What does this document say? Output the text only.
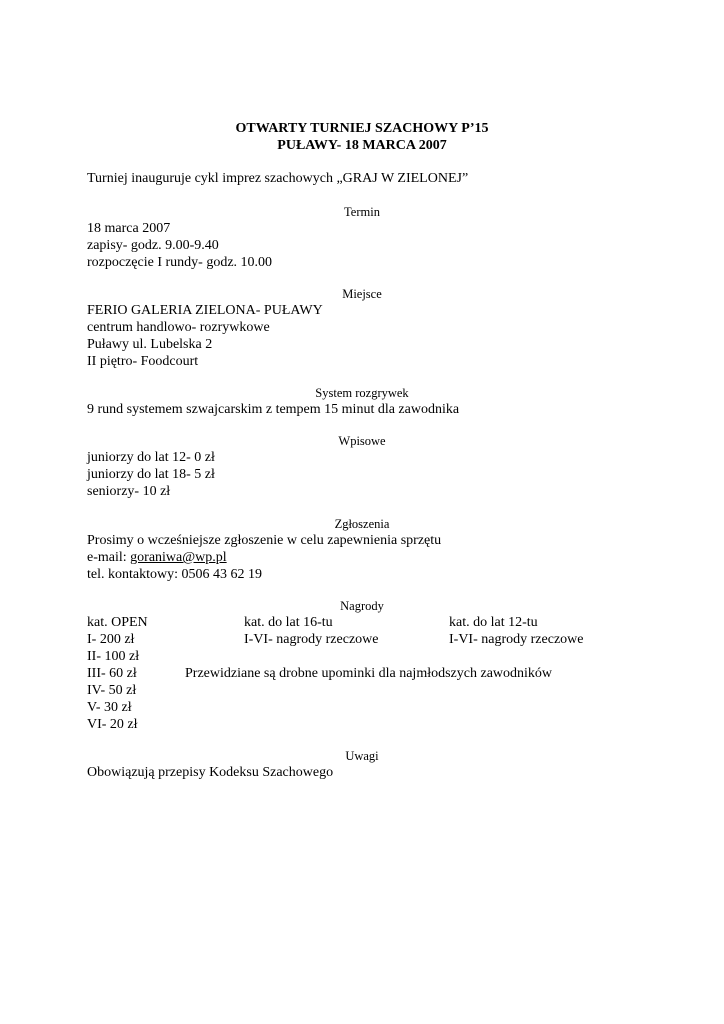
OTWARTY TURNIEJ SZACHOWY P’15
PUŁAWY- 18 MARCA 2007
Turniej inauguruje cykl imprez szachowych „GRAJ W ZIELONEJ”
Termin
18 marca 2007
zapisy- godz. 9.00-9.40
rozpoczęcie I rundy- godz. 10.00
Miejsce
FERIO GALERIA ZIELONA- PUŁAWY
centrum handlowo- rozrywkowe
Puławy ul. Lubelska 2
II piętro- Foodcourt
System rozgrywek
9 rund systemem szwajcarskim z tempem 15 minut dla zawodnika
Wpisowe
juniorzy do lat 12- 0 zł
juniorzy do lat 18- 5 zł
seniorzy- 10 zł
Zgłoszenia
Prosimy o wcześniejsze zgłoszenie w celu zapewnienia sprzętu
e-mail: goraniwa@wp.pl
tel. kontaktowy: 0506 43 62 19
Nagrody
kat. OPEN	kat. do lat 16-tu	kat. do lat 12-tu
I- 200 zł	I-VI- nagrody rzeczowe	I-VI- nagrody rzeczowe
II- 100 zł
III- 60 zł	Przewidziane są drobne upominki dla najmłodszych zawodników
IV- 50 zł
V- 30 zł
VI- 20 zł
Uwagi
Obowiązują przepisy Kodeksu Szachowego
